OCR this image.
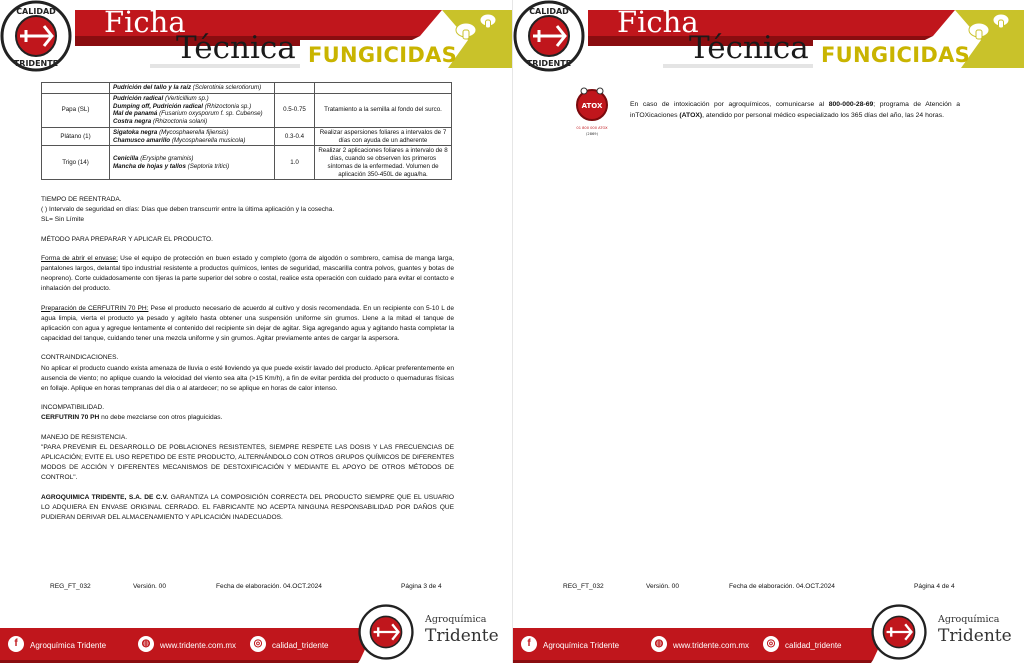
CALIDAD
TRIDENTE
Ficha
Técnica FUNGICIDAS
	Pudrición del tallo y la raíz (Sclerotinia sclerotiorum)		
Papa (SL)	Pudrición radical (Verticillium sp.)
Dumping off, Pudrición radical (Rhizoctonia sp.)
Mal de panamá (Fusarium oxysporum f. sp. Cubense)
Costra negra (Rhizoctonia solani)	0.5-0.75	Tratamiento a la semilla al fondo del surco.
Plátano (1)	Sigatoka negra (Mycosphaerella fijiensis)
Chamusco amarillo (Mycosphaerella musicola)	0.3-0.4	Realizar aspersiones foliares a intervalos de 7 días con ayuda de un adherente
Trigo (14)	Cenicilla (Erysiphe graminis)
Mancha de hojas y tallos (Septoria tritici)	1.0	Realizar 2 aplicaciones foliares a intervalo de 8 días, cuando se observen los primeros síntomas de la enfermedad. Volumen de aplicación 350-450L de agua/ha.

TIEMPO DE REENTRADA.

( ) Intervalo de seguridad en días: Días que deben transcurrir entre la última aplicación y la cosecha.

SL= Sin Límite

MÉTODO PARA PREPARAR Y APLICAR EL PRODUCTO.

Forma de abrir el envase: Use el equipo de protección en buen estado y completo (gorra de algodón o sombrero, camisa de manga larga, pantalones largos, delantal tipo industrial resistente a productos químicos, lentes de seguridad, mascarilla contra polvos, guantes y botas de neopreno). Corte cuidadosamente con tijeras la parte superior del sobre o costal, realice esta operación con cuidado para evitar el contacto e inhalación del producto.

Preparación de CERFUTRIN 70 PH: Pese el producto necesario de acuerdo al cultivo y dosis recomendada. En un recipiente con 5-10 L de agua limpia, vierta el producto ya pesado y agítelo hasta obtener una suspensión uniforme sin grumos. Llene a la mitad el tanque de aplicación con agua y agregue lentamente el contenido del recipiente sin dejar de agitar. Siga agregando agua y agitando hasta completar la capacidad del tanque, cuidando tener una mezcla uniforme y sin grumos. Agitar previamente antes de cargar la aspersora.

CONTRAINDICACIONES.

No aplicar el producto cuando exista amenaza de lluvia o esté lloviendo ya que puede existir lavado del producto. Aplicar preferentemente en ausencia de viento; no aplique cuando la velocidad del viento sea alta (>15 Km/h), a fin de evitar perdida del producto o quemaduras físicas en follaje. Aplique en horas tempranas del día o al atardecer; no se aplique en horas de calor intenso.

INCOMPATIBILIDAD.

CERFUTRIN 70 PH no debe mezclarse con otros plaguicidas.

MANEJO DE RESISTENCIA.

"PARA PREVENIR EL DESARROLLO DE POBLACIONES RESISTENTES, SIEMPRE RESPETE LAS DOSIS Y LAS FRECUENCIAS DE APLICACIÓN; EVITE EL USO REPETIDO DE ESTE PRODUCTO, ALTERNÁNDOLO CON OTROS GRUPOS QUÍMICOS DE DIFERENTES MODOS DE ACCIÓN Y DIFERENTES MECANISMOS DE DESTOXIFICACIÓN Y MEDIANTE EL APOYO DE OTROS MÉTODOS DE CONTROL".

AGROQUIMICA TRIDENTE, S.A. DE C.V. GARANTIZA LA COMPOSICIÓN CORRECTA DEL PRODUCTO SIEMPRE QUE EL USUARIO LO ADQUIERA EN ENVASE ORIGINAL CERRADO. EL FABRICANTE NO ACEPTA NINGUNA RESPONSABILIDAD POR DAÑOS QUE PUDIERAN DERIVAR DEL ALMACENAMIENTO Y APLICACIÓN INADECUADOS.

REG_FT_032	Versión. 00	Fecha de elaboración. 04.OCT.2024	Página 3 de 4
f	Agroquímica Tridente	◍	www.tridente.com.mx	◎	calidad_tridente
Agroquímica
Tridente
CALIDAD
TRIDENTE
Ficha
Técnica FUNGICIDAS
ATOX
01 800 000 ATOX
(2869)

En caso de intoxicación por agroquímicos, comunicarse al 800-000-28-69; programa de Atención a inTOXicaciones (ATOX), atendido por personal médico especializado los 365 días del año, las 24 horas.

REG_FT_032	Versión. 00	Fecha de elaboración. 04.OCT.2024	Página 4 de 4
f	Agroquímica Tridente	◍	www.tridente.com.mx	◎	calidad_tridente
Agroquímica
Tridente
